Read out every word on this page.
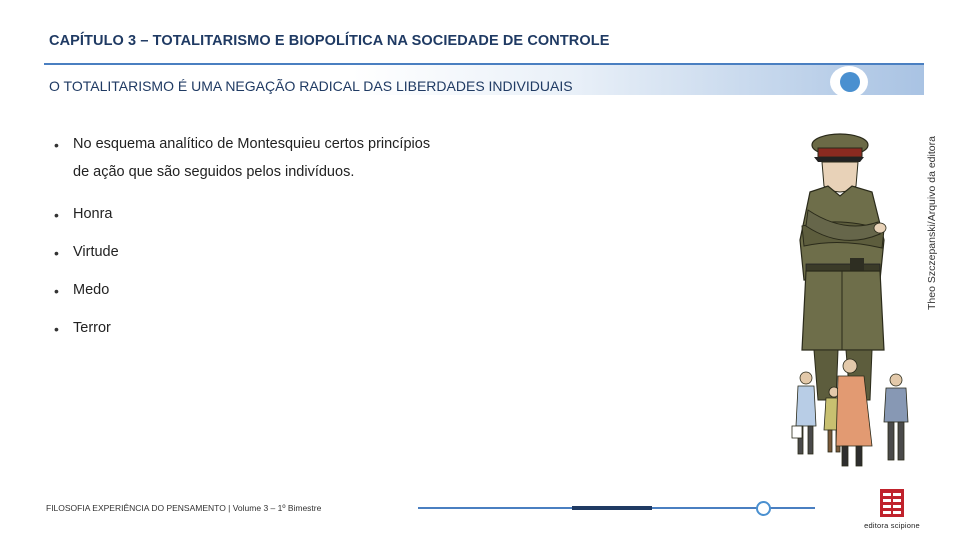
CAPÍTULO 3 – TOTALITARISMO E BIOPOLÍTICA NA SOCIEDADE DE CONTROLE
O TOTALITARISMO É UMA NEGAÇÃO RADICAL DAS LIBERDADES INDIVIDUAIS
• No esquema analítico de Montesquieu certos princípios de ação que são seguidos pelos indivíduos.
• Honra
• Virtude
• Medo
• Terror
Theo Szczepanski/Arquivo da editora
FILOSOFIA EXPERIÊNCIA DO PENSAMENTO | Volume 3 – 1º Bimestre
editora scipione
